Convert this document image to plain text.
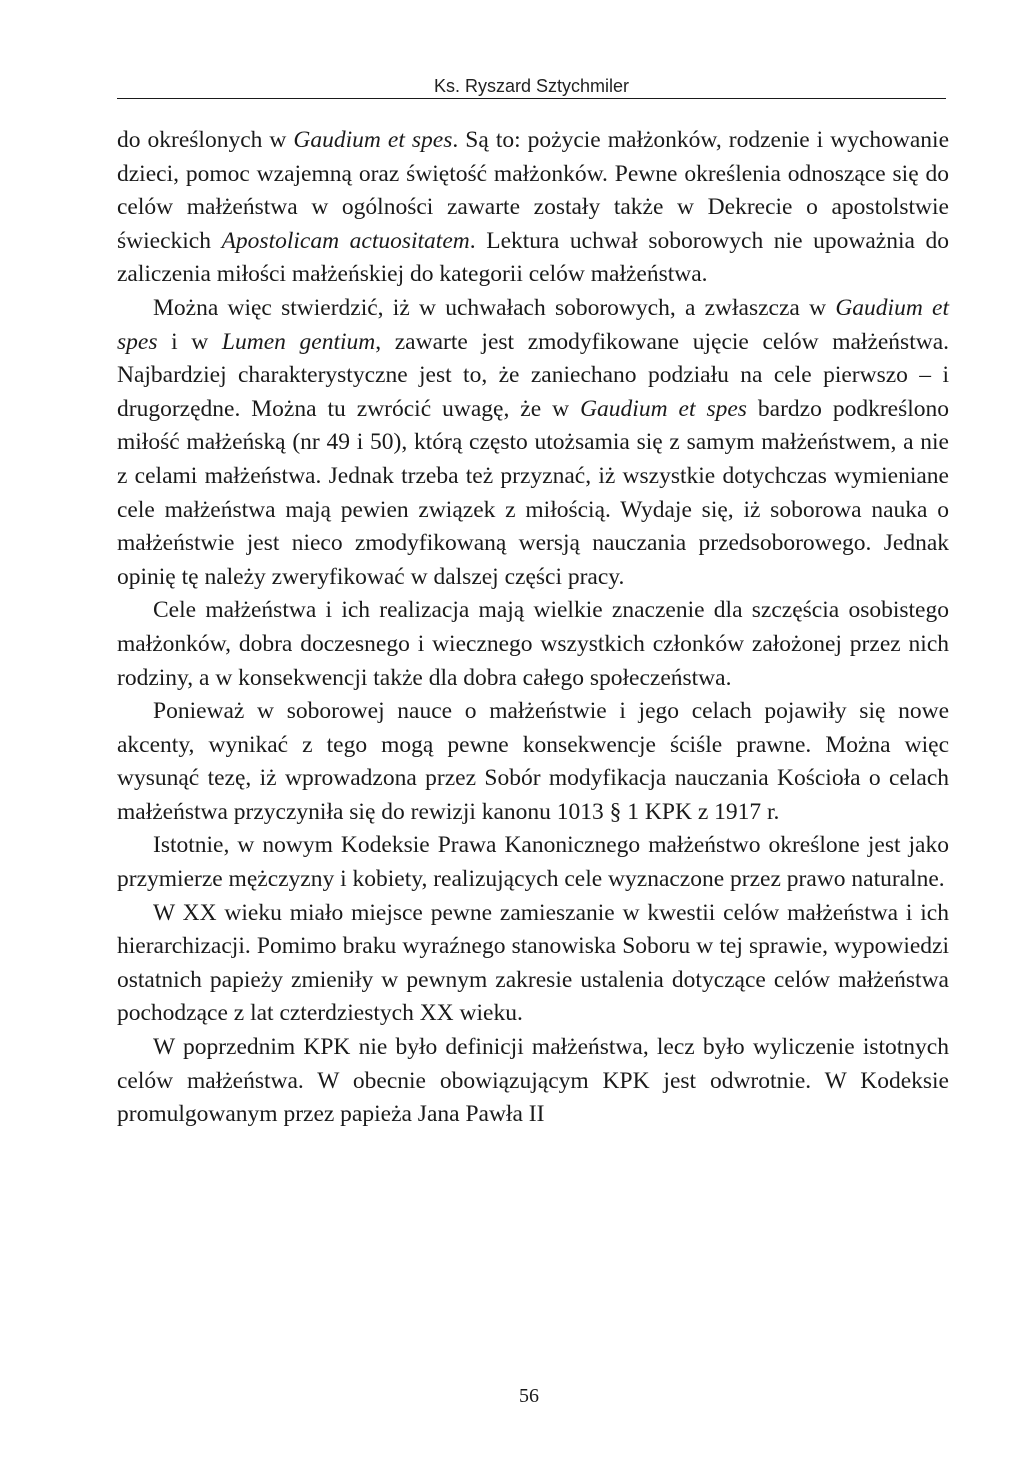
Ks. Ryszard Sztychmiler

do określonych w Gaudium et spes. Są to: pożycie małżonków, rodzenie i wychowanie dzieci, pomoc wzajemną oraz świętość małżonków. Pewne określenia odnoszące się do celów małżeństwa w ogólności zawarte zostały także w Dekrecie o apostolstwie świeckich Apostolicam actuositatem. Lektura uchwał soborowych nie upoważnia do zaliczenia miłości małżeńskiej do kategorii celów małżeństwa.

Można więc stwierdzić, iż w uchwałach soborowych, a zwłaszcza w Gaudium et spes i w Lumen gentium, zawarte jest zmodyfikowane ujęcie celów małżeństwa. Najbardziej charakterystyczne jest to, że zaniechano podziału na cele pierwszo – i drugorzędne. Można tu zwrócić uwagę, że w Gaudium et spes bardzo podkreślono miłość małżeńską (nr 49 i 50), którą często utożsamia się z samym małżeństwem, a nie z celami małżeństwa. Jednak trzeba też przyznać, iż wszystkie dotychczas wymieniane cele małżeństwa mają pewien związek z miłością. Wydaje się, iż soborowa nauka o małżeństwie jest nieco zmodyfikowaną wersją nauczania przedsoborowego. Jednak opinię tę należy zweryfikować w dalszej części pracy.

Cele małżeństwa i ich realizacja mają wielkie znaczenie dla szczęścia osobistego małżonków, dobra doczesnego i wiecznego wszystkich członków założonej przez nich rodziny, a w konsekwencji także dla dobra całego społeczeństwa.

Ponieważ w soborowej nauce o małżeństwie i jego celach pojawiły się nowe akcenty, wynikać z tego mogą pewne konsekwencje ściśle prawne. Można więc wysunąć tezę, iż wprowadzona przez Sobór modyfikacja nauczania Kościoła o celach małżeństwa przyczyniła się do rewizji kanonu 1013 § 1 KPK z 1917 r.

Istotnie, w nowym Kodeksie Prawa Kanonicznego małżeństwo określone jest jako przymierze mężczyzny i kobiety, realizujących cele wyznaczone przez prawo naturalne.

W XX wieku miało miejsce pewne zamieszanie w kwestii celów małżeństwa i ich hierarchizacji. Pomimo braku wyraźnego stanowiska Soboru w tej sprawie, wypowiedzi ostatnich papieży zmieniły w pewnym zakresie ustalenia dotyczące celów małżeństwa pochodzące z lat czterdziestych XX wieku.

W poprzednim KPK nie było definicji małżeństwa, lecz było wyliczenie istotnych celów małżeństwa. W obecnie obowiązującym KPK jest odwrotnie. W Kodeksie promulgowanym przez papieża Jana Pawła II

56
